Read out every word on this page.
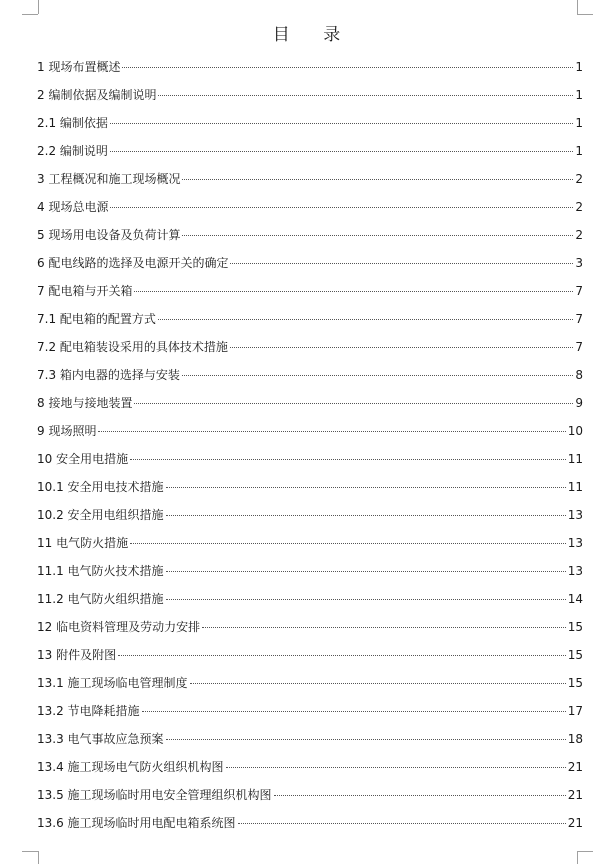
目 录
1 现场布置概述	1
2 编制依据及编制说明	1
2.1 编制依据	1
2.2 编制说明	1
3 工程概况和施工现场概况	2
4 现场总电源	2
5 现场用电设备及负荷计算	2
6 配电线路的选择及电源开关的确定	3
7 配电箱与开关箱	7
7.1 配电箱的配置方式	7
7.2 配电箱装设采用的具体技术措施	7
7.3 箱内电器的选择与安装	8
8 接地与接地装置	9
9 现场照明	10
10 安全用电措施	11
10.1 安全用电技术措施	11
10.2 安全用电组织措施	13
11 电气防火措施	13
11.1 电气防火技术措施	13
11.2 电气防火组织措施	14
12 临电资料管理及劳动力安排	15
13 附件及附图	15
13.1 施工现场临电管理制度	15
13.2 节电降耗措施	17
13.3 电气事故应急预案	18
13.4 施工现场电气防火组织机构图	21
13.5 施工现场临时用电安全管理组织机构图	21
13.6 施工现场临时用电配电箱系统图	21
